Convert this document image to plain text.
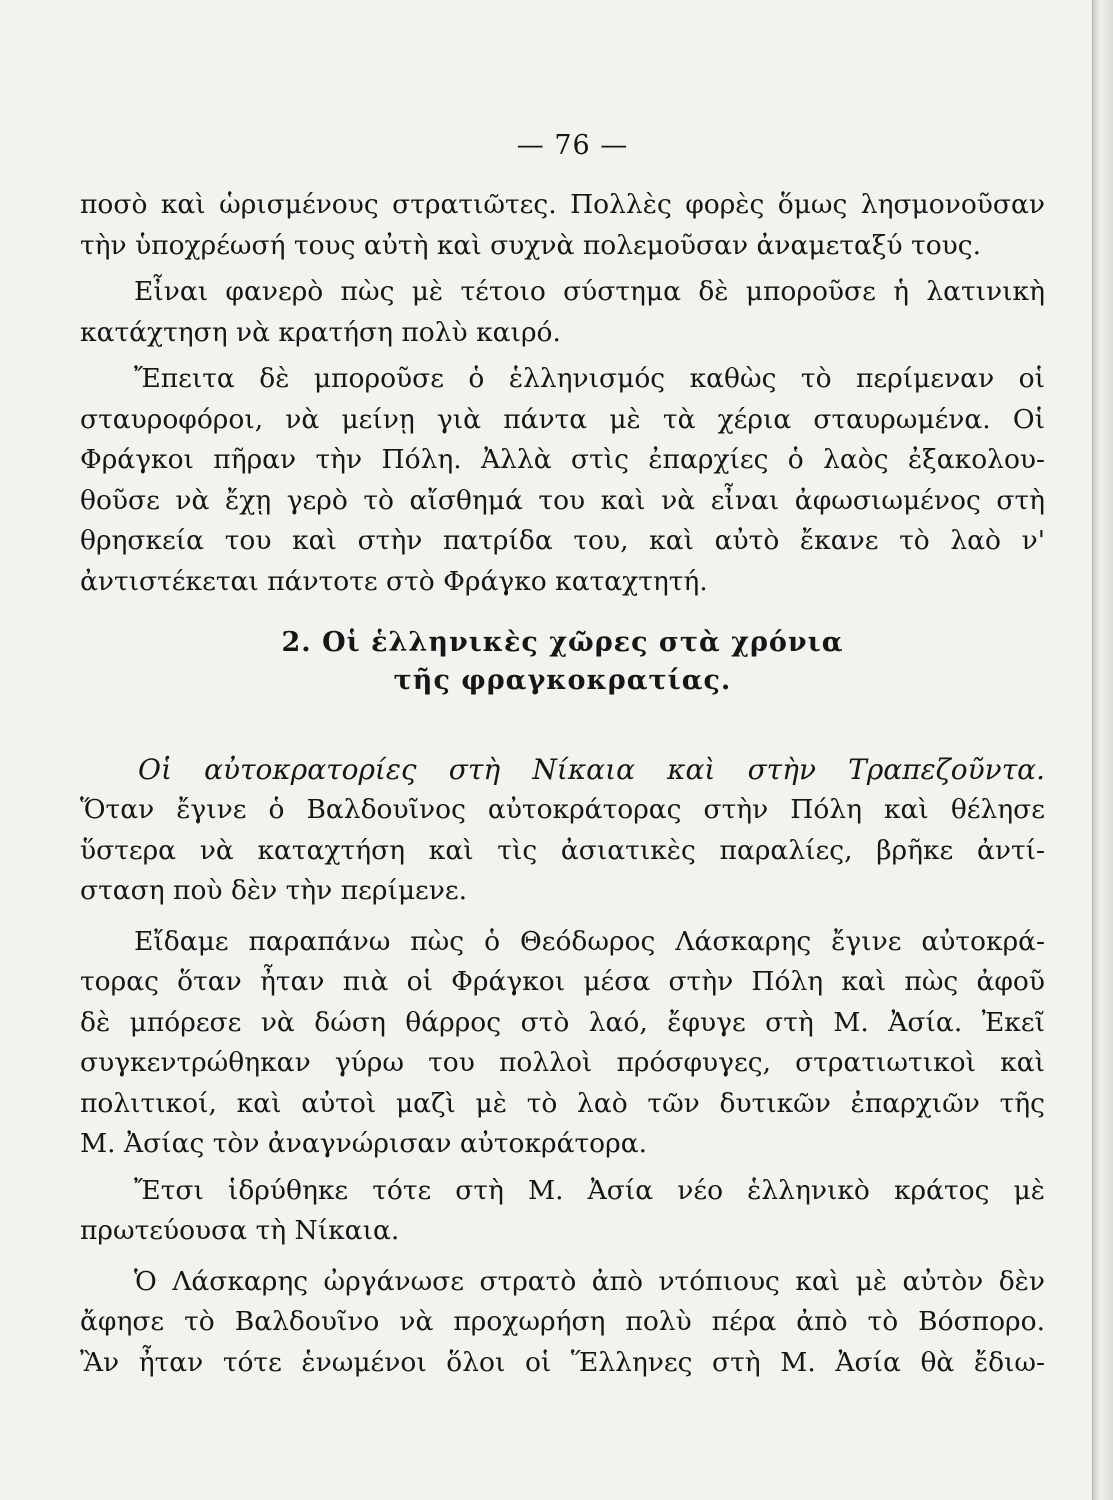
— 76 —

ποσὸ καὶ ὡρισμένους στρατιῶτες. Πολλὲς φορὲς ὅμως λησμονοῦσαν

τὴν ὑποχρέωσή τους αὐτὴ καὶ συχνὰ πολεμοῦσαν ἀναμεταξύ τους.

Εἶναι φανερὸ πὼς μὲ τέτοιο σύστημα δὲ μποροῦσε ἡ λατινικὴ

κατάχτηση νὰ κρατήση πολὺ καιρό.

Ἔπειτα δὲ μποροῦσε ὁ ἑλληνισμός καθὼς τὸ περίμεναν οἱ

σταυροφόροι, νὰ μείνῃ γιὰ πάντα μὲ τὰ χέρια σταυρωμένα. Οἱ

Φράγκοι πῆραν τὴν Πόλη. Ἀλλὰ στὶς ἐπαρχίες ὁ λαὸς ἐξακολου-

θοῦσε νὰ ἔχῃ γερὸ τὸ αἴσθημά του καὶ νὰ εἶναι ἀφωσιωμένος στὴ

θρησκεία του καὶ στὴν πατρίδα του, καὶ αὐτὸ ἔκανε τὸ λαὸ ν'

ἀντιστέκεται πάντοτε στὸ Φράγκο καταχτητή.

2. Οἱ ἑλληνικὲς χῶρες στὰ χρόνια
τῆς φραγκοκρατίας.

Οἱ αὐτοκρατορίες στὴ Νίκαια καὶ στὴν Τραπεζοῦντα.

Ὅταν ἔγινε ὁ Βαλδουῖνος αὐτοκράτορας στὴν Πόλη καὶ θέλησε

ὕστερα νὰ καταχτήση καὶ τὶς ἀσιατικὲς παραλίες, βρῆκε ἀντί-

σταση ποὺ δὲν τὴν περίμενε.

Εἴδαμε παραπάνω πὼς ὁ Θεόδωρος Λάσκαρης ἔγινε αὐτοκρά-

τορας ὅταν ἦταν πιὰ οἱ Φράγκοι μέσα στὴν Πόλη καὶ πὼς ἀφοῦ

δὲ μπόρεσε νὰ δώση θάρρος στὸ λαό, ἔφυγε στὴ Μ. Ἀσία. Ἐκεῖ

συγκεντρώθηκαν γύρω του πολλοὶ πρόσφυγες, στρατιωτικοὶ καὶ

πολιτικοί, καὶ αὐτοὶ μαζὶ μὲ τὸ λαὸ τῶν δυτικῶν ἐπαρχιῶν τῆς

Μ. Ἀσίας τὸν ἀναγνώρισαν αὐτοκράτορα.

Ἔτσι ἱδρύθηκε τότε στὴ Μ. Ἀσία νέο ἑλληνικὸ κράτος μὲ

πρωτεύουσα τὴ Νίκαια.

Ὁ Λάσκαρης ὠργάνωσε στρατὸ ἀπὸ ντόπιους καὶ μὲ αὐτὸν δὲν

ἄφησε τὸ Βαλδουῖνο νὰ προχωρήση πολὺ πέρα ἀπὸ τὸ Βόσπορο.

Ἂν ἦταν τότε ἑνωμένοι ὅλοι οἱ Ἕλληνες στὴ Μ. Ἀσία θὰ ἔδιω-
